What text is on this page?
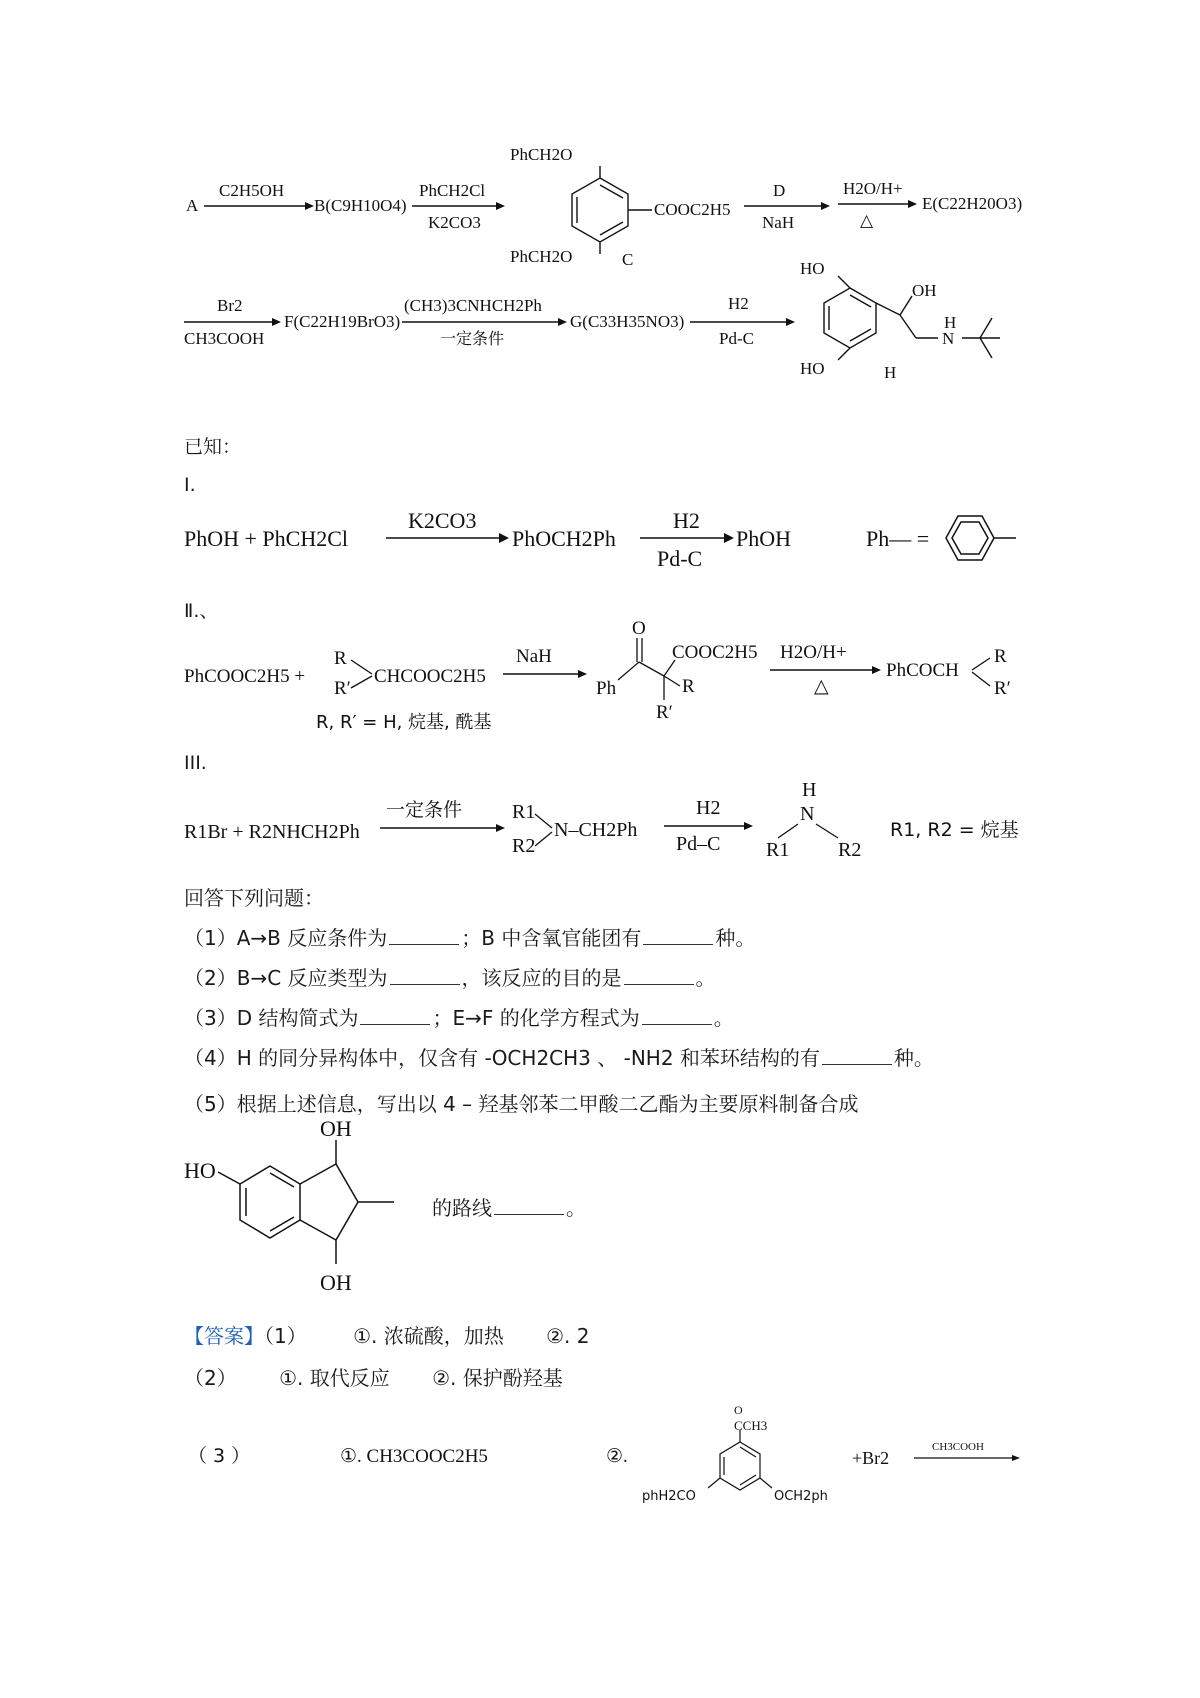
A
C2H5OH
B(C9H10O4)
PhCH2Cl
K2CO3
PhCH2O
PhCH2O
COOC2H5
C
D
NaH
H2O/H+
△
E(C22H20O3)
Br2
CH3COOH
F(C22H19BrO3)
(CH3)3CNHCH2Ph
一定条件
G(C33H35NO3)
H2
Pd-C
HO
HO
OH
H
N
H
已知：
Ⅰ.
PhOH + PhCH2Cl
K2CO3
PhOCH2Ph
H2
Pd-C
PhOH	Ph— =
PhCOOC2H5 +
R
R′
CHCOOC2H5
NaH
O
COOC2H5
Ph	R
R′
H2O/H+
△
PhCOCH
R
R′
R, R′ = H, 烷基, 酰基
R1Br + R2NHCH2Ph
一定条件 R1
R2
N–CH2Ph
H2
Pd–C
H
N
R1 R2
R1, R2 = 烷基
Ⅱ.、
III.
回答下列问题：
（1）A→B 反应条件为	；B 中含氧官能团有	种。
（2）B→C 反应类型为	，该反应的目的是	。
（3）D 结构简式为	；E→F 的化学方程式为	。
（4）H 的同分异构体中，仅含有 -OCH2CH3 、 -NH2 和苯环结构的有	种。
（5）根据上述信息，写出以 4 – 羟基邻苯二甲酸二乙酯为主要原料制备合成
HO
OH
OH
的路线	。
【答案】（1） ①. 浓硫酸，加热 ②. 2
（2） ①. 取代反应 ②. 保护酚羟基
（ 3 ）	①. CH3COOC2H5	②.
O
CCH3
phH2CO	OCH2ph
+Br2
CH3COOH
